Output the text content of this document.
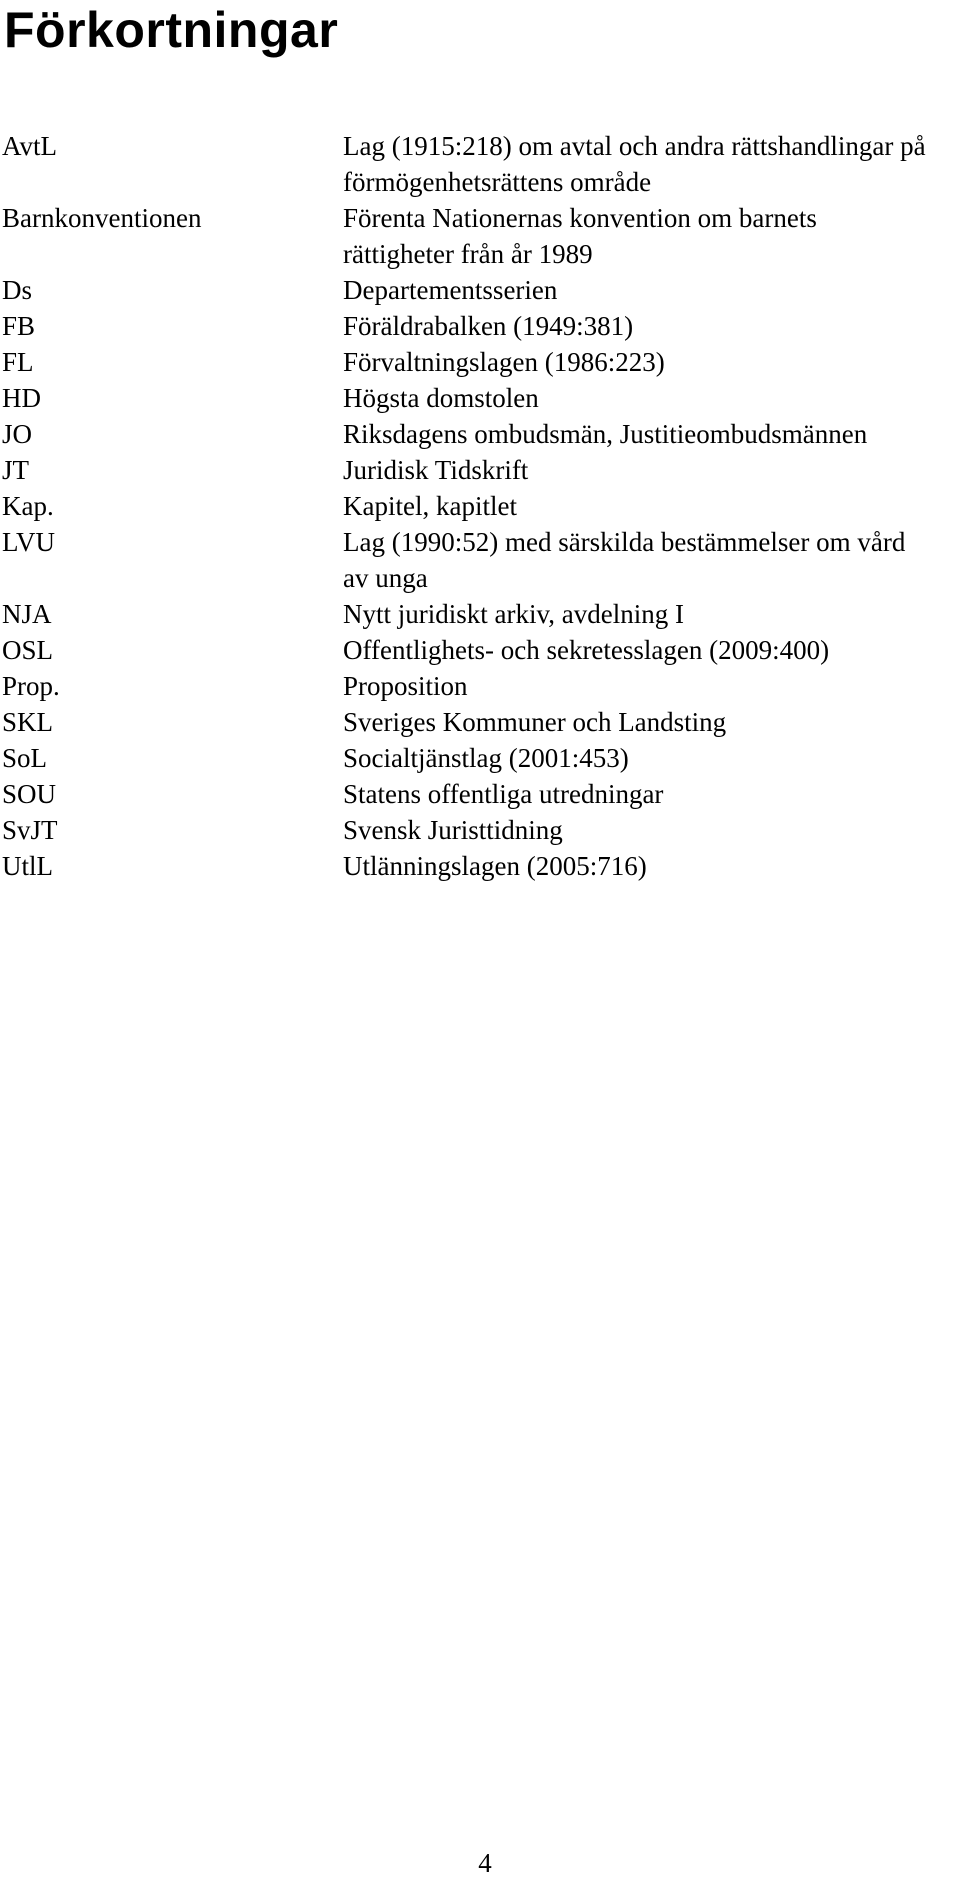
Förkortningar
AvtL	Lag (1915:218) om avtal och andra rättshandlingar på förmögenhetsrättens område
Barnkonventionen	Förenta Nationernas konvention om barnets rättigheter från år 1989
Ds	Departementsserien
FB	Föräldrabalken (1949:381)
FL	Förvaltningslagen (1986:223)
HD	Högsta domstolen
JO	Riksdagens ombudsmän, Justitieombudsmännen
JT	Juridisk Tidskrift
Kap.	Kapitel, kapitlet
LVU	Lag (1990:52) med särskilda bestämmelser om vård av unga
NJA	Nytt juridiskt arkiv, avdelning I
OSL	Offentlighets- och sekretesslagen (2009:400)
Prop.	Proposition
SKL	Sveriges Kommuner och Landsting
SoL	Socialtjänstlag (2001:453)
SOU	Statens offentliga utredningar
SvJT	Svensk Juristtidning
UtlL	Utlänningslagen (2005:716)
4
